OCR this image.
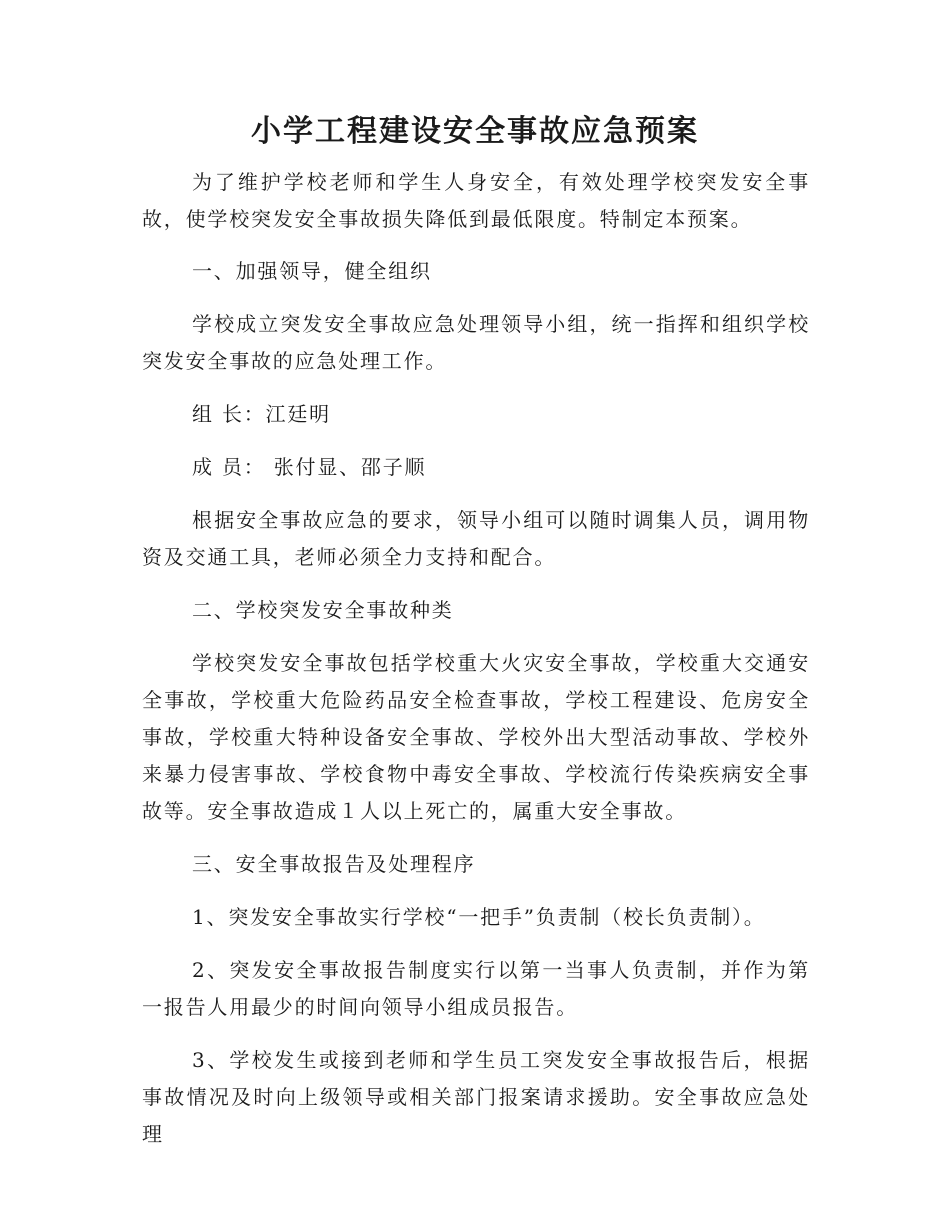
小学工程建设安全事故应急预案

为了维护学校老师和学生人身安全，有效处理学校突发安全事故，使学校突发安全事故损失降低到最低限度。特制定本预案。

一、加强领导，健全组织

学校成立突发安全事故应急处理领导小组，统一指挥和组织学校突发安全事故的应急处理工作。

组 长：江廷明

成 员： 张付显、邵子顺

根据安全事故应急的要求，领导小组可以随时调集人员，调用物资及交通工具，老师必须全力支持和配合。

二、学校突发安全事故种类

学校突发安全事故包括学校重大火灾安全事故，学校重大交通安全事故，学校重大危险药品安全检查事故，学校工程建设、危房安全事故，学校重大特种设备安全事故、学校外出大型活动事故、学校外来暴力侵害事故、学校食物中毒安全事故、学校流行传染疾病安全事故等。安全事故造成１人以上死亡的，属重大安全事故。

三、安全事故报告及处理程序

1、突发安全事故实行学校“一把手”负责制（校长负责制）。

2、突发安全事故报告制度实行以第一当事人负责制，并作为第一报告人用最少的时间向领导小组成员报告。

3、学校发生或接到老师和学生员工突发安全事故报告后，根据事故情况及时向上级领导或相关部门报案请求援助。安全事故应急处理
